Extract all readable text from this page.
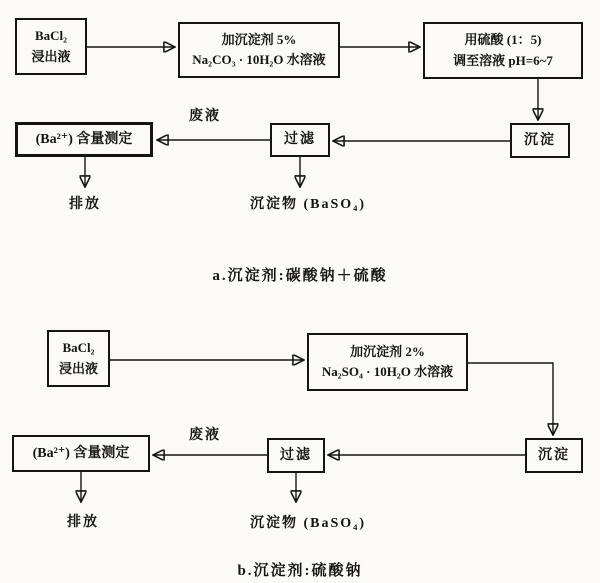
BaCl₂
浸出液
加沉淀剂 5%
Na₂CO₃ · 10H₂O 水溶液
用硫酸 (1：5)
调至溶液 pH=6~7
沉淀
过滤
(Ba²⁺) 含量测定
废液
排放	沉淀物 (BaSO₄)
a.沉淀剂:碳酸钠＋硫酸
BaCl₂
浸出液
加沉淀剂 2%
Na₂SO₄ · 10H₂O 水溶液
沉淀
过滤
(Ba²⁺) 含量测定
废液
排放	沉淀物 (BaSO₄)
b.沉淀剂:硫酸钠
